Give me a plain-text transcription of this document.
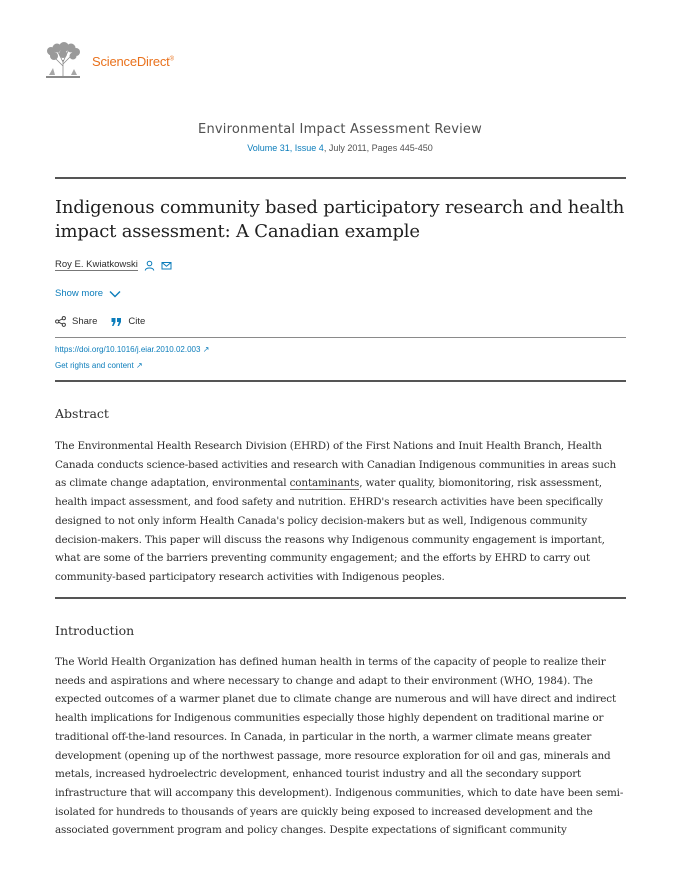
ScienceDirect®
Environmental Impact Assessment Review
Volume 31, Issue 4, July 2011, Pages 445-450
Indigenous community based participatory research and health impact assessment: A Canadian example
Roy E. Kwiatkowski
Show more
Share	Cite
https://doi.org/10.1016/j.eiar.2010.02.003 ↗
Get rights and content ↗
Abstract

The Environmental Health Research Division (EHRD) of the First Nations and Inuit Health Branch, Health Canada conducts science-based activities and research with Canadian Indigenous communities in areas such as climate change adaptation, environmental contaminants, water quality, biomonitoring, risk assessment, health impact assessment, and food safety and nutrition. EHRD's research activities have been specifically designed to not only inform Health Canada's policy decision-makers but as well, Indigenous community decision-makers. This paper will discuss the reasons why Indigenous community engagement is important, what are some of the barriers preventing community engagement; and the efforts by EHRD to carry out community-based participatory research activities with Indigenous peoples.

Introduction

The World Health Organization has defined human health in terms of the capacity of people to realize their needs and aspirations and where necessary to change and adapt to their environment (WHO, 1984). The expected outcomes of a warmer planet due to climate change are numerous and will have direct and indirect health implications for Indigenous communities especially those highly dependent on traditional marine or traditional off-the-land resources. In Canada, in particular in the north, a warmer climate means greater development (opening up of the northwest passage, more resource exploration for oil and gas, minerals and metals, increased hydroelectric development, enhanced tourist industry and all the secondary support infrastructure that will accompany this development). Indigenous communities, which to date have been semi-isolated for hundreds to thousands of years are quickly being exposed to increased development and the associated government program and policy changes. Despite expectations of significant community
